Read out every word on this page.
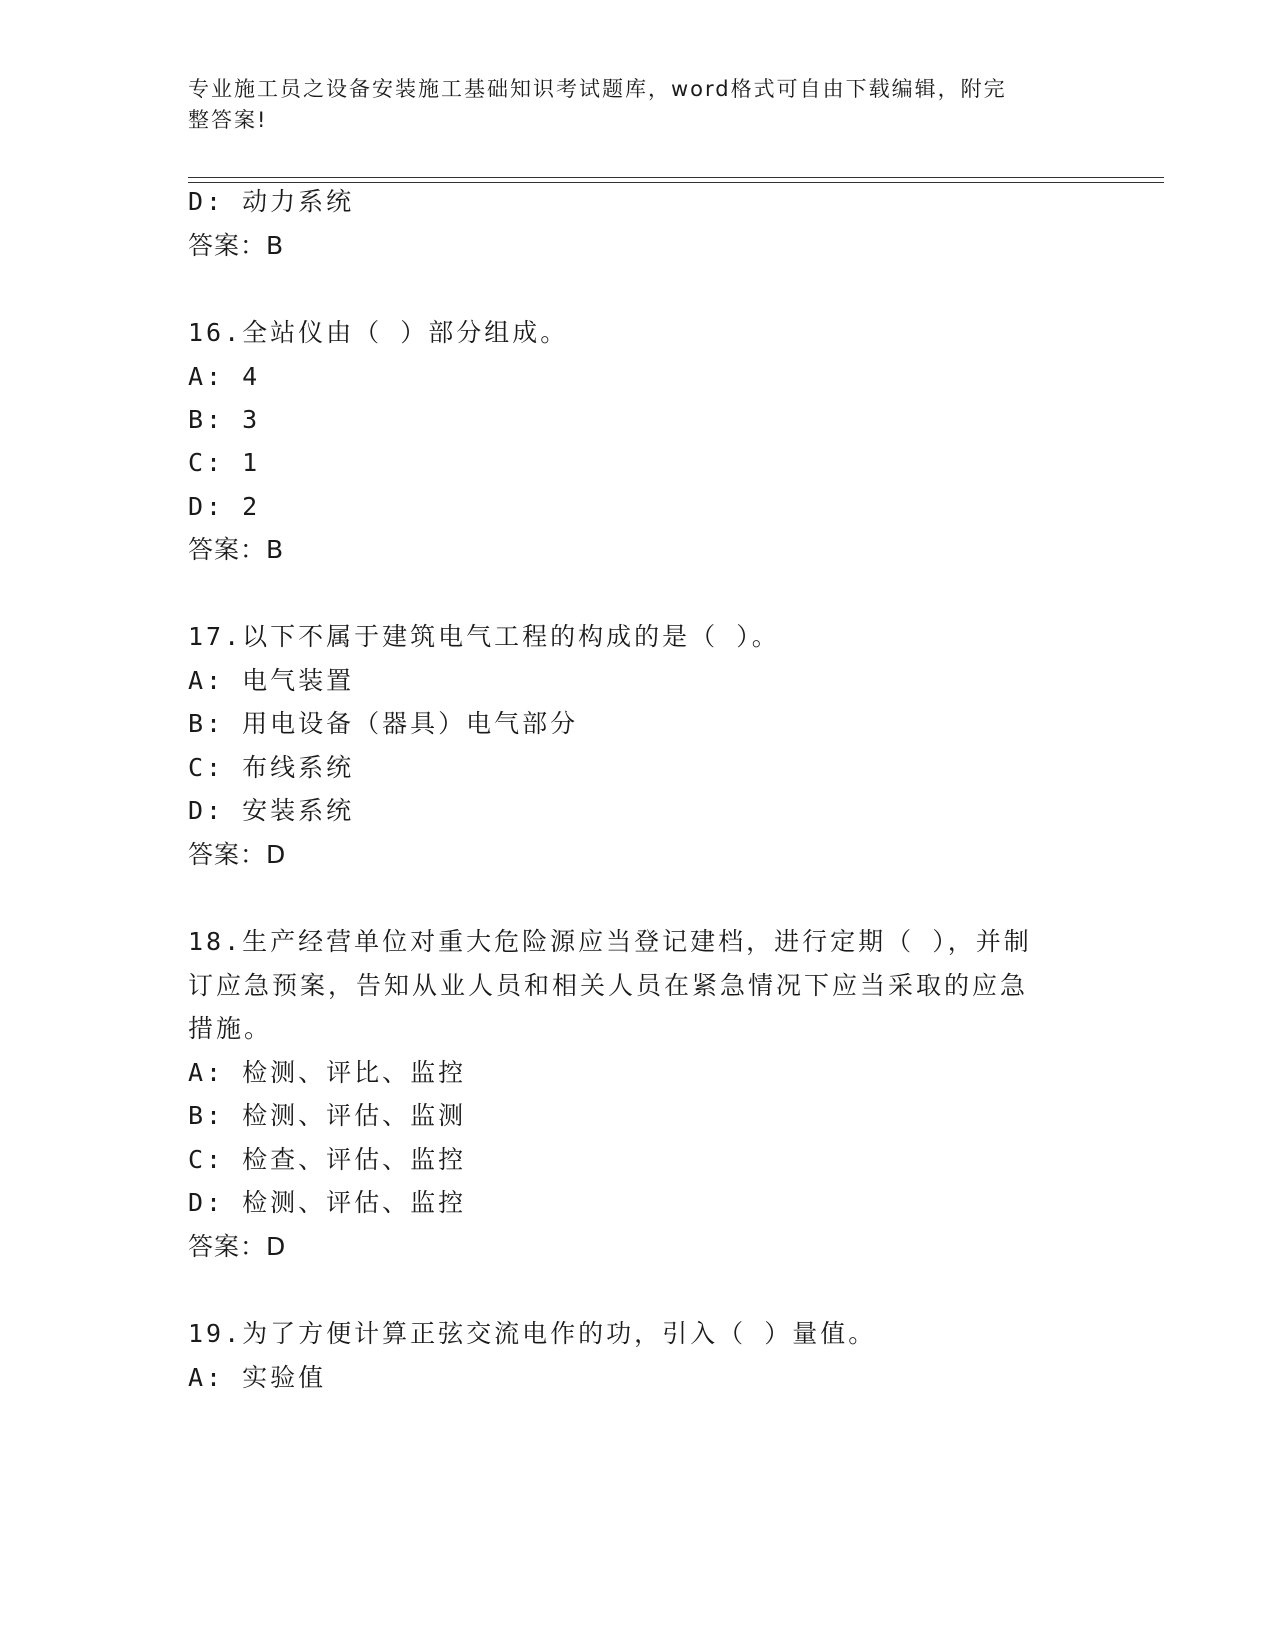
专业施工员之设备安装施工基础知识考试题库，word格式可自由下载编辑，附完
整答案!
D: 动力系统
答案：B
16.全站仪由（ ）部分组成。
A: 4
B: 3
C: 1
D: 2
答案：B
17.以下不属于建筑电气工程的构成的是（ ）。
A: 电气装置
B: 用电设备（器具）电气部分
C: 布线系统
D: 安装系统
答案：D
18.生产经营单位对重大危险源应当登记建档，进行定期（ ），并制
订应急预案，告知从业人员和相关人员在紧急情况下应当采取的应急
措施。
A: 检测、评比、监控
B: 检测、评估、监测
C: 检查、评估、监控
D: 检测、评估、监控
答案：D
19.为了方便计算正弦交流电作的功，引入（ ）量值。
A: 实验值
